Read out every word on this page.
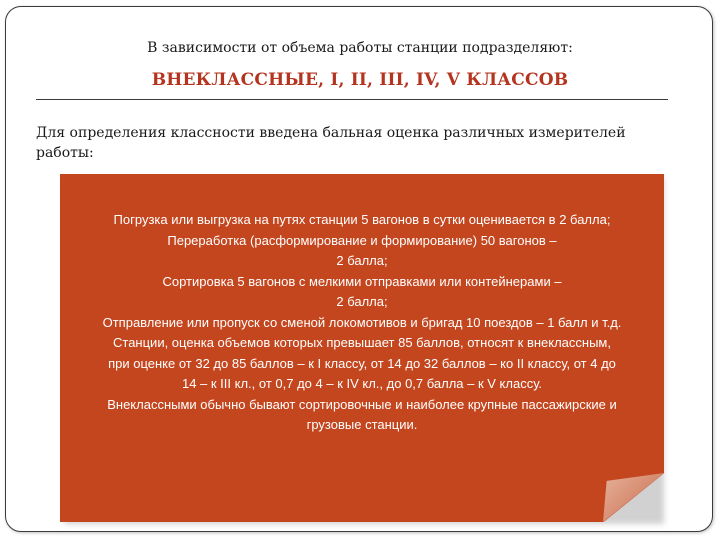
В зависимости от объема работы станции подразделяют:
ВНЕКЛАССНЫЕ, I, II, III, IV, V КЛАССОВ
Для определения классности введена бальная оценка различных измерителей работы:

Погрузка или выгрузка на путях станции 5 вагонов в сутки оценивается в 2 балла;

Переработка (расформирование и формирование) 50 вагонов –

2 балла;

Сортировка 5 вагонов с мелкими отправками или контейнерами –

2 балла;

Отправление или пропуск со сменой локомотивов и бригад 10 поездов – 1 балл и т.д.

Станции, оценка объемов которых превышает 85 баллов, относят к внеклассным,

при оценке от 32 до 85 баллов – к I классу, от 14 до 32 баллов – ко II классу, от 4 до

14 – к III кл., от 0,7 до 4 – к IV кл., до 0,7 балла – к V классу.

Внеклассными обычно бывают сортировочные и наиболее крупные пассажирские и

грузовые станции.
